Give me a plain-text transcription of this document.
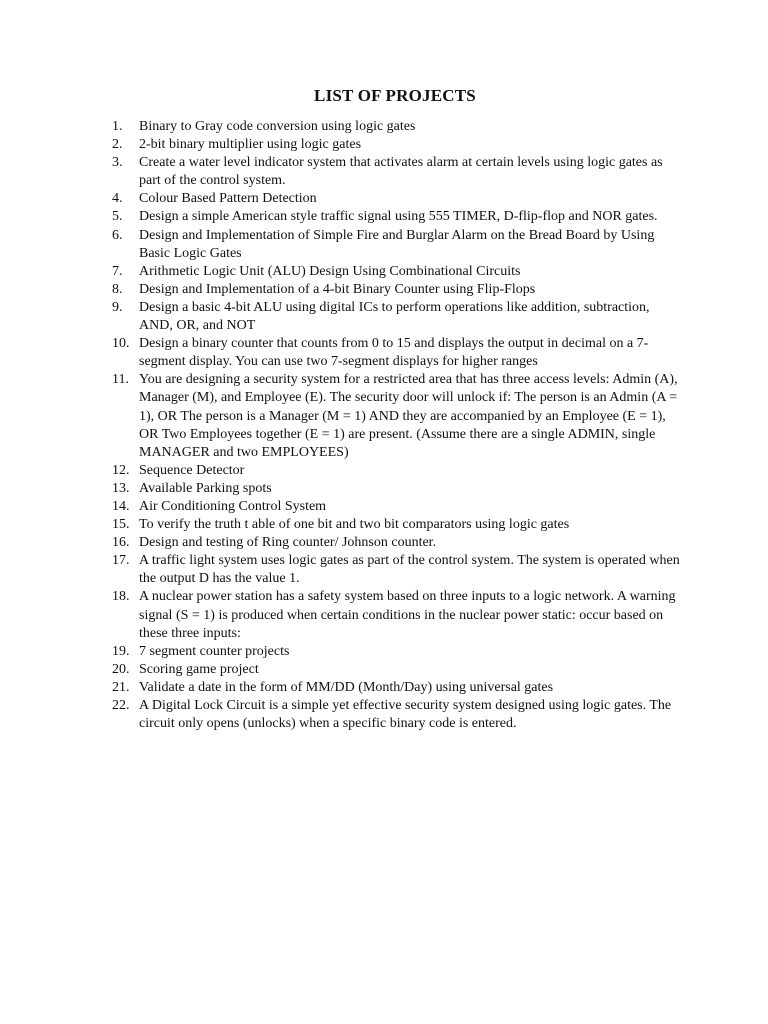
LIST OF PROJECTS
1.	Binary to Gray code conversion using logic gates
2.	2-bit binary multiplier using logic gates
3.	Create a water level indicator system that activates alarm at certain levels using logic gates as part of the control system.
4.	Colour Based Pattern Detection
5.	Design a simple American style traffic signal using 555 TIMER, D-flip-flop and NOR gates.
6.	Design and Implementation of Simple Fire and Burglar Alarm on the Bread Board by Using Basic Logic Gates
7.	Arithmetic Logic Unit (ALU) Design Using Combinational Circuits
8.	Design and Implementation of a 4-bit Binary Counter using Flip-Flops
9.	Design a basic 4-bit ALU using digital ICs to perform operations like addition, subtraction, AND, OR, and NOT
10. Design a binary counter that counts from 0 to 15 and displays the output in decimal on a 7-segment display. You can use two 7-segment displays for higher ranges
11. You are designing a security system for a restricted area that has three access levels: Admin (A), Manager (M), and Employee (E). The security door will unlock if: The person is an Admin (A = 1), OR The person is a Manager (M = 1) AND they are accompanied by an Employee (E = 1), OR Two Employees together (E = 1) are present. (Assume there are a single ADMIN, single MANAGER and two EMPLOYEES)
12. Sequence Detector
13. Available Parking spots
14. Air Conditioning Control System
15. To verify the truth t able of one bit and two bit comparators using logic gates
16. Design and testing of Ring counter/ Johnson counter.
17. A traffic light system uses logic gates as part of the control system. The system is operated when the output D has the value 1.
18. A nuclear power station has a safety system based on three inputs to a logic network. A warning signal (S = 1) is produced when certain conditions in the nuclear power static: occur based on these three inputs:
19. 7 segment counter projects
20. Scoring game project
21. Validate a date in the form of MM/DD (Month/Day) using universal gates
22. A Digital Lock Circuit is a simple yet effective security system designed using logic gates. The circuit only opens (unlocks) when a specific binary code is entered.
